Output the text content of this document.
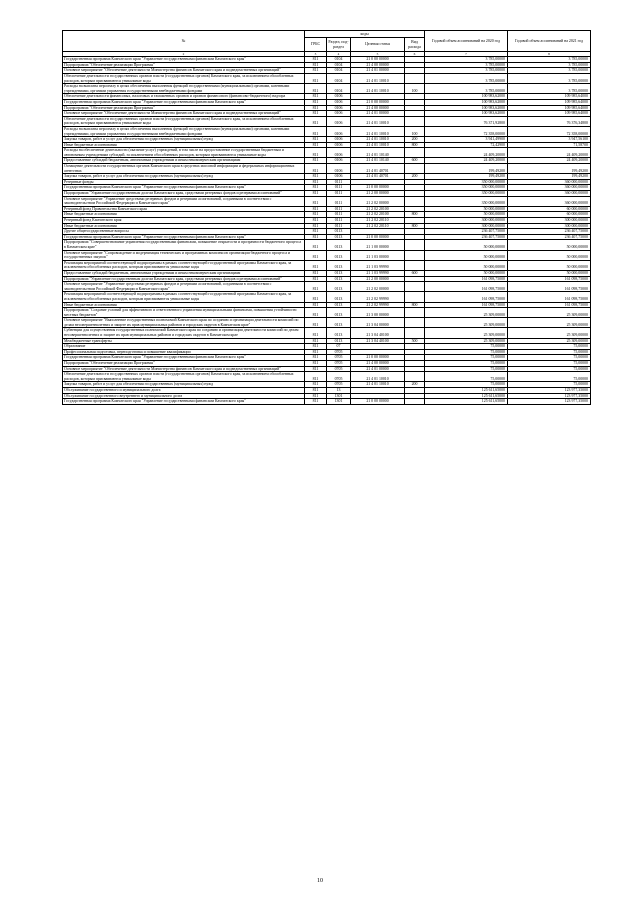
№	коды				Годовой объем ассигнований на 2020 год	Годовой объем ассигнований на 2021 год
	ГРБС	Раздел, под-раздел	Целевая статья	Вид расхода		
2	3	4	5	6	7	8
Государственная программа Камчатского края "Управление государственными финансами Камчатского края"	811	0104	21 0 00 00000		3 785,00000	3 785,00000
Подпрограмма "Обеспечение реализации Программы"	811	0104	21 4 00 00000		3 785,00000	3 785,00000
Основное мероприятие "Обеспечение деятельности Министерства финансов Камчатского края и подведомственных организаций"	811	0104	21 4 01 00000		3 785,00000	3 785,00000
Обеспечение деятельности государственных органов власти (государственных органов) Камчатского края, за исключением обособленных расходов, которым присваиваются уникальные коды	811	0104	21 4 01 10010		3 785,00000	3 785,00000
Расходы на выплаты персоналу в целях обеспечения выполнения функций государственными (муниципальными) органами, казенными учреждениями, органами управления государственными внебюджетными фондами	811	0104	21 4 01 10010	100	3 785,00000	3 785,00000
Обеспечение деятельности финансовых, налоговых и таможенных органов и органов финансового (финансово-бюджетного) надзора	811	0106			100 983,62000	109 985,64000
Государственная программа Камчатского края "Управление государственными финансами Камчатского края"	811	0106	21 0 00 00000		100 983,62000	109 985,64000
Подпрограмма "Обеспечение реализации Программы"	811	0106	21 4 00 00000		100 983,62000	109 985,64000
Основное мероприятие "Обеспечение деятельности Министерства финансов Камчатского края и подведомственных организаций"	811	0106	21 4 01 00000		100 983,62000	109 985,64000
Обеспечение деятельности государственных органов власти (государственных органов) Камчатского края, за исключением обособленных расходов, которым присваиваются уникальные коды	811	0106	21 4 01 10010		76 371,92800	76 376,34800
Расходы на выплаты персоналу в целях обеспечения выполнения функций государственными (муниципальными) органами, казенными учреждениями, органами управления государственными внебюджетными фондами	811	0106	21 4 01 10010	100	72 358,00000	72 358,00000
Закупка товаров, работ и услуг для обеспечения государственных (муниципальных) нужд	811	0106	21 4 01 10010	200	3 941,49900	3 947,56100
Иные бюджетные ассигнования	811	0106	21 4 01 10010	800	72,42900	71,58700
Расходы на обеспечение деятельности (оказание услуг) учреждений, в том числе на предоставление государственным бюджетным и автономным учреждениям субсидий, за исключением обособленных расходов, которым присваиваются уникальные коды	811	0106	21 4 01 10140		24 409,20000	24 409,20000
Предоставление субсидий бюджетным, автономным учреждениям и иным некоммерческим организациям	811	0106	21 4 01 10140	600	24 409,20000	24 409,20000
Оснащение деятельности государственных органов Камчатского края в средствах массовой информации и федеральных информационных агентствах	811	0106	21 4 01 40701		199,49200	199,49200
Закупка товаров, работ и услуг для обеспечения государственных (муниципальных) нужд	811	0106	21 4 01 40701	200	199,49200	199,49200
Резервные фонды	811	0111			350 000,00000	360 000,00000
Государственная программа Камчатского края "Управление государственными финансами Камчатского края"	811	0111	21 0 00 00000		350 000,00000	360 000,00000
Подпрограмма "Управление государственным долгом Камчатского края, средствами резервных фондов и резервами ассигнований"	811	0111	21 2 00 00000		350 000,00000	360 000,00000
Основное мероприятие "Управление средствами резервных фондов и резервами ассигнований, созданными в соответствии с законодательством Российской Федерации и Камчатского края"	811	0111	21 2 02 00000		350 000,00000	360 000,00000
Резервный фонд Правительства Камчатского края	811	0111	21 2 02 20100		50 000,00000	60 000,00000
Иные бюджетные ассигнования	811	0111	21 2 02 20100	800	50 000,00000	60 000,00000
Резервный фонд Камчатского края	811	0111	21 2 02 20110		300 000,00000	300 000,00000
Иные бюджетные ассигнования	811	0111	21 2 02 20110	800	300 000,00000	300 000,00000
Другие общегосударственные вопросы	811	0113			236 407,75000	236 407,75000
Государственная программа Камчатского края "Управление государственными финансами Камчатского края"	811	0113	21 0 00 00000		236 407,75000	236 407,75000
Подпрограмма "Совершенствование управления государственными финансами, повышение открытости и прозрачности бюджетного процесса в Камчатском крае"	811	0113	21 1 00 00000		50 000,00000	50 000,00000
Основное мероприятие "Сопровождение и модернизация технических и программных комплексов организации бюджетного процесса и государственных закупок"	811	0113	21 1 03 00000		50 000,00000	50 000,00000
Реализация мероприятий соответствующей подпрограммы в рамках соответствующей государственной программы Камчатского края, за исключением обособленных расходов, которым присваиваются уникальные коды	811	0113	21 1 03 99990		50 000,00000	50 000,00000
Предоставление субсидий бюджетным, автономным учреждениям и иным некоммерческим организациям	811	0113	21 1 03 99990	600	50 000,00000	50 000,00000
Подпрограмма "Управление государственным долгом Камчатского края, средствами резервных фондов и резервами ассигнований"	811	0113	21 2 00 00000		161 098,75000	161 098,75000
Основное мероприятие "Управление средствами резервных фондов и резервами ассигнований, созданными в соответствии с законодательством Российской Федерации и Камчатского края"	811	0113	21 2 02 00000		161 098,75000	161 098,75000
Реализация мероприятий соответствующей подпрограммы в рамках соответствующей государственной программы Камчатского края, за исключением обособленных расходов, которым присваиваются уникальные коды	811	0113	21 2 02 99990		161 098,75000	161 098,75000
Иные бюджетные ассигнования	811	0113	21 2 02 99990	800	161 098,75000	161 098,75000
Подпрограмма "Создание условий для эффективного и ответственного управления муниципальными финансами, повышения устойчивости местных бюджетов"	811	0113	21 3 00 00000		25 309,00000	25 309,00000
Основное мероприятие "Выполнение государственных полномочий Камчатского края по созданию и организации деятельности комиссий по делам несовершеннолетних и защите их прав муниципальных районов и городских округов в Камчатском крае"	811	0113	21 3 04 00000		25 309,00000	25 309,00000
Субвенции для осуществления государственных полномочий Камчатского края по созданию и организации деятельности комиссий по делам несовершеннолетних и защите их прав муниципальных районов и городских округов в Камчатском крае	811	0113	21 3 04 40100		25 309,00000	25 309,00000
Межбюджетные трансферты	811	0113	21 3 04 40100	500	25 309,00000	25 309,00000
Образование	811	07			75,00000	75,00000
Профессиональная подготовка, переподготовка и повышение квалификации	811	0705			75,00000	75,00000
Государственная программа Камчатского края "Управление государственными финансами Камчатского края"	811	0705	21 0 00 00000		75,00000	75,00000
Подпрограмма "Обеспечение реализации Программы"	811	0705	21 4 00 00000		75,00000	75,00000
Основное мероприятие "Обеспечение деятельности Министерства финансов Камчатского края и подведомственных организаций"	811	0705	21 4 01 00000		75,00000	75,00000
Обеспечение деятельности государственных органов власти (государственных органов) Камчатского края, за исключением обособленных расходов, которым присваиваются уникальные коды	811	0705	21 4 01 10010		75,00000	75,00000
Закупка товаров, работ и услуг для обеспечения государственных (муниципальных) нужд	811	0705	21 4 01 10010	200	75,00000	75,00000
Обслуживание государственного и муниципального долга	811	13			125 611,65000	123 977,35000
Обслуживание государственного внутреннего и муниципального долга	811	1301			125 611,65000	123 977,35000
Государственная программа Камчатского края "Управление государственными финансами Камчатского края"	811	1301	21 0 00 00000		125 611,65000	123 977,35000
10
